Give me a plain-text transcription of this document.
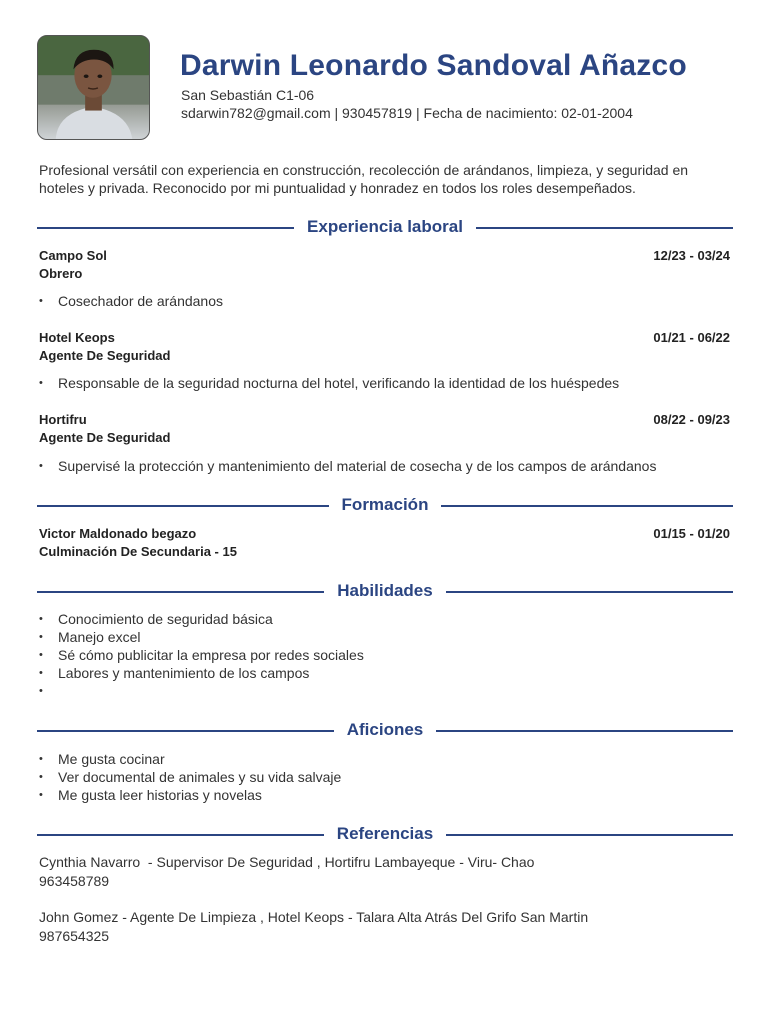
Darwin Leonardo Sandoval Añazco
San Sebastián C1-06
sdarwin782@gmail.com | 930457819 | Fecha de nacimiento: 02-01-2004
Profesional versátil con experiencia en construcción, recolección de arándanos, limpieza, y seguridad en hoteles y privada. Reconocido por mi puntualidad y honradez en todos los roles desempeñados.
Experiencia laboral
Campo Sol
Obrero
12/23 - 03/24
• Cosechador de arándanos
Hotel Keops
Agente De Seguridad
01/21 - 06/22
• Responsable de la seguridad nocturna del hotel, verificando la identidad de los huéspedes
Hortifru
Agente De Seguridad
08/22 - 09/23
• Supervisé la protección y mantenimiento del material de cosecha y de los campos de arándanos
Formación
Victor Maldonado begazo
Culminación De Secundaria - 15
01/15 - 01/20
Habilidades
• Conocimiento de seguridad básica
• Manejo excel
• Sé cómo publicitar la empresa por redes sociales
• Labores y mantenimiento de los campos
•
Aficiones
• Me gusta cocinar
• Ver documental de animales y su vida salvaje
• Me gusta leer historias y novelas
Referencias
Cynthia Navarro  - Supervisor De Seguridad , Hortifru Lambayeque - Viru- Chao
963458789
John Gomez - Agente De Limpieza , Hotel Keops - Talara Alta Atrás Del Grifo San Martin
987654325
